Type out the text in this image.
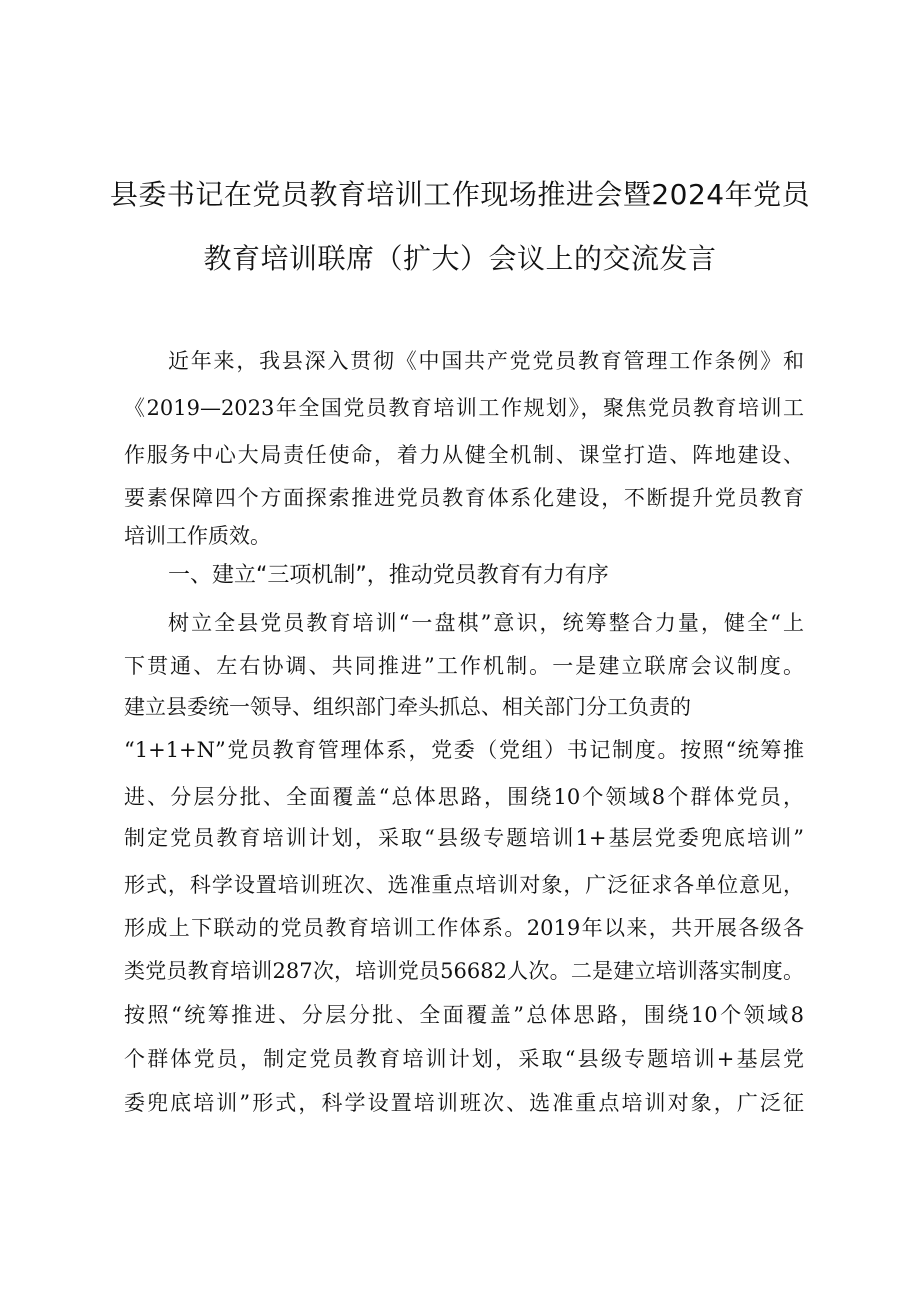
县委书记在党员教育培训工作现场推进会暨2024年党员
教育培训联席（扩大）会议上的交流发言
近年来，我县深入贯彻《中国共产党党员教育管理工作条例》和
《2019—2023年全国党员教育培训工作规划》，聚焦党员教育培训工
作服务中心大局责任使命，着力从健全机制、课堂打造、阵地建设、
要素保障四个方面探索推进党员教育体系化建设，不断提升党员教育
培训工作质效。
一、建立“三项机制”，推动党员教育有力有序
树立全县党员教育培训“一盘棋”意识，统筹整合力量，健全“上
下贯通、左右协调、共同推进”工作机制。一是建立联席会议制度。
建立县委统一领导、组织部门牵头抓总、相关部门分工负责的
“1+1+N”党员教育管理体系，党委（党组）书记制度。按照“统筹推
进、分层分批、全面覆盖“总体思路，围绕10个领域8个群体党员，
制定党员教育培训计划，采取“县级专题培训1+基层党委兜底培训”
形式，科学设置培训班次、选准重点培训对象，广泛征求各单位意见，
形成上下联动的党员教育培训工作体系。2019年以来，共开展各级各
类党员教育培训287次，培训党员56682人次。二是建立培训落实制度。
按照“统筹推进、分层分批、全面覆盖”总体思路，围绕10个领域8
个群体党员，制定党员教育培训计划，采取“县级专题培训+基层党
委兜底培训”形式，科学设置培训班次、选准重点培训对象，广泛征
